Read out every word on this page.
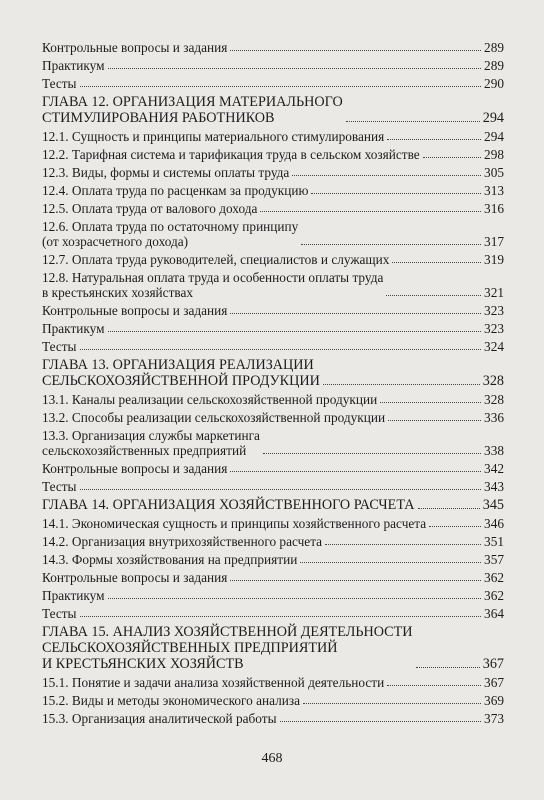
Контрольные вопросы и задания	289
Практикум	289
Тесты	290
ГЛАВА 12. ОРГАНИЗАЦИЯ МАТЕРИАЛЬНОГО
СТИМУЛИРОВАНИЯ РАБОТНИКОВ	294
12.1. Сущность и принципы материального стимулирования	294
12.2. Тарифная система и тарификация труда в сельском хозяйстве	298
12.3. Виды, формы и системы оплаты труда	305
12.4. Оплата труда по расценкам за продукцию	313
12.5. Оплата труда от валового дохода	316
12.6. Оплата труда по остаточному принципу
(от хозрасчетного дохода)	317
12.7. Оплата труда руководителей, специалистов и служащих	319
12.8. Натуральная оплата труда и особенности оплаты труда
в крестьянских хозяйствах	321
Контрольные вопросы и задания	323
Практикум	323
Тесты	324
ГЛАВА 13. ОРГАНИЗАЦИЯ РЕАЛИЗАЦИИ
СЕЛЬСКОХОЗЯЙСТВЕННОЙ ПРОДУКЦИИ	328
13.1. Каналы реализации сельскохозяйственной продукции	328
13.2. Способы реализации сельскохозяйственной продукции	336
13.3. Организация службы маркетинга
сельскохозяйственных предприятий	338
Контрольные вопросы и задания	342
Тесты	343
ГЛАВА 14. ОРГАНИЗАЦИЯ ХОЗЯЙСТВЕННОГО РАСЧЕТА	345
14.1. Экономическая сущность и принципы хозяйственного расчета	346
14.2. Организация внутрихозяйственного расчета	351
14.3. Формы хозяйствования на предприятии	357
Контрольные вопросы и задания	362
Практикум	362
Тесты	364
ГЛАВА 15. АНАЛИЗ ХОЗЯЙСТВЕННОЙ ДЕЯТЕЛЬНОСТИ
СЕЛЬСКОХОЗЯЙСТВЕННЫХ ПРЕДПРИЯТИЙ
И КРЕСТЬЯНСКИХ ХОЗЯЙСТВ	367
15.1. Понятие и задачи анализа хозяйственной деятельности	367
15.2. Виды и методы экономического анализа	369
15.3. Организация аналитической работы	373
468
